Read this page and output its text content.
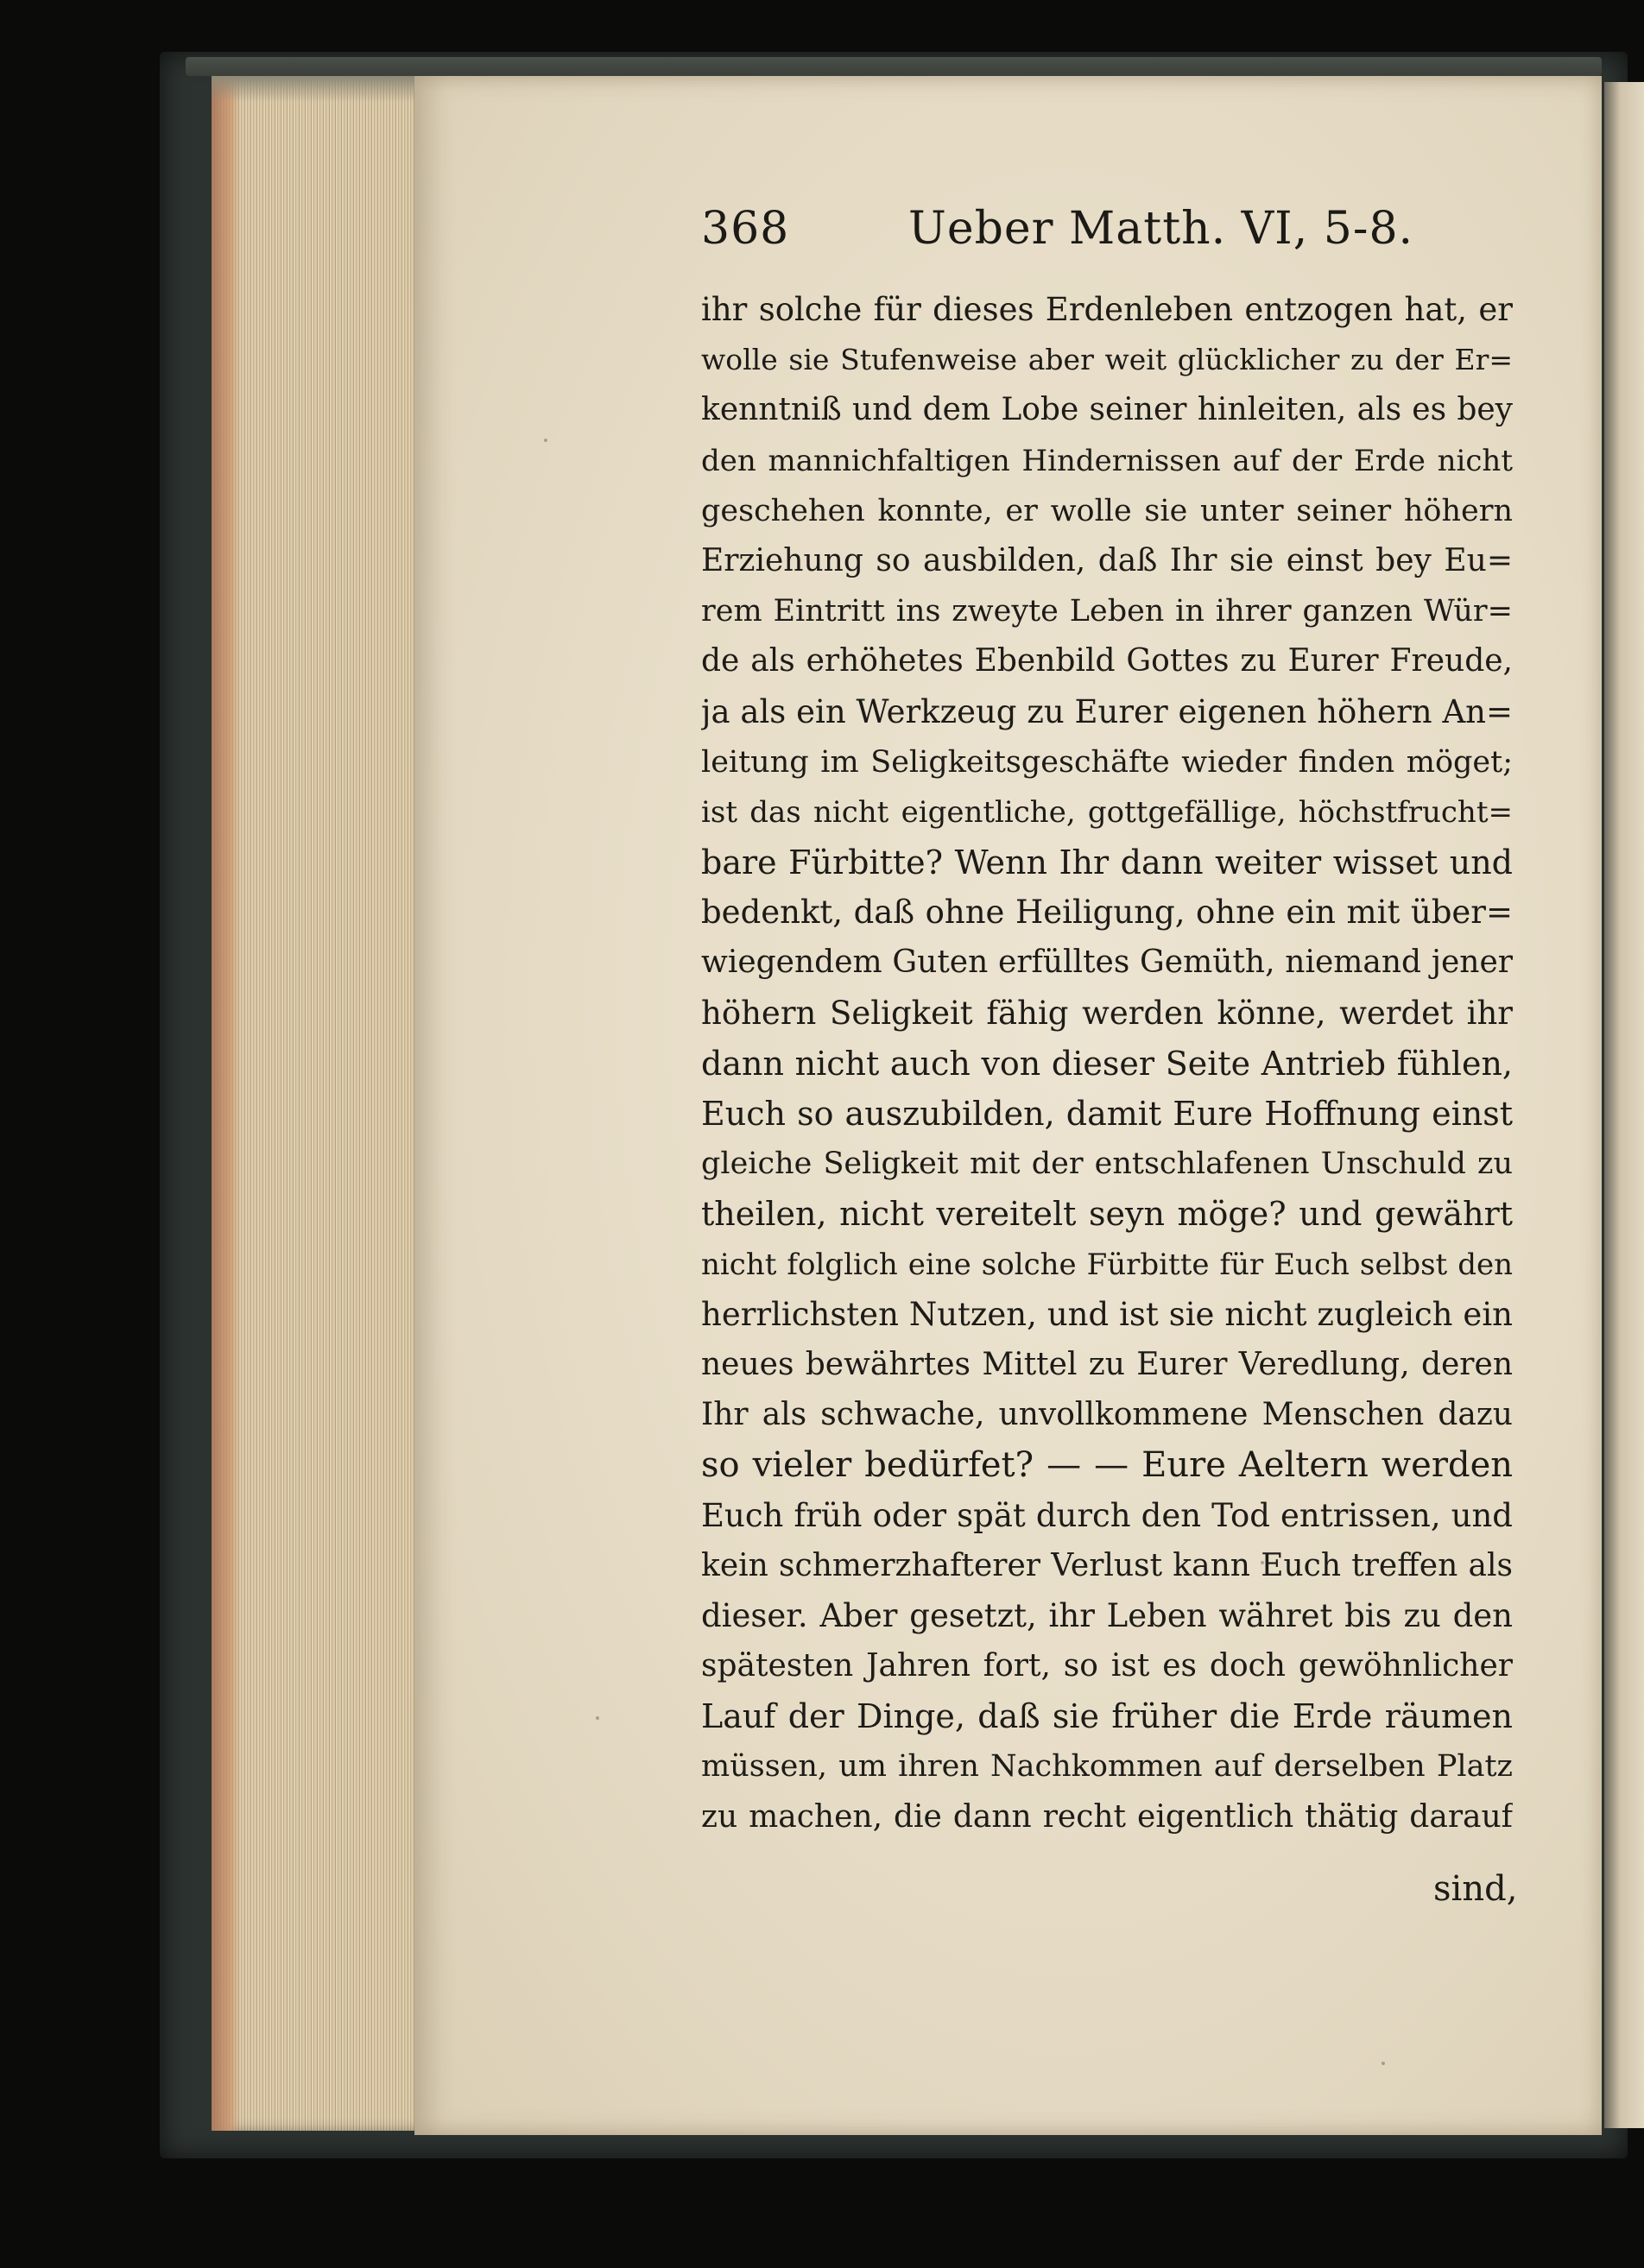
368	Ueber Matth. VI, 5-8.
ihr solche für dieses Erdenleben entzogen hat, er
wolle sie Stufenweise aber weit glücklicher zu der Er=
kenntniß und dem Lobe seiner hinleiten, als es bey
den mannichfaltigen Hindernissen auf der Erde nicht
geschehen konnte, er wolle sie unter seiner höhern
Erziehung so ausbilden, daß Ihr sie einst bey Eu=
rem Eintritt ins zweyte Leben in ihrer ganzen Wür=
de als erhöhetes Ebenbild Gottes zu Eurer Freude,
ja als ein Werkzeug zu Eurer eigenen höhern An=
leitung im Seligkeitsgeschäfte wieder finden möget;
ist das nicht eigentliche, gottgefällige, höchstfrucht=
bare Fürbitte? Wenn Ihr dann weiter wisset und
bedenkt, daß ohne Heiligung, ohne ein mit über=
wiegendem Guten erfülltes Gemüth, niemand jener
höhern Seligkeit fähig werden könne, werdet ihr
dann nicht auch von dieser Seite Antrieb fühlen,
Euch so auszubilden, damit Eure Hoffnung einst
gleiche Seligkeit mit der entschlafenen Unschuld zu
theilen, nicht vereitelt seyn möge? und gewährt
nicht folglich eine solche Fürbitte für Euch selbst den
herrlichsten Nutzen, und ist sie nicht zugleich ein
neues bewährtes Mittel zu Eurer Veredlung, deren
Ihr als schwache, unvollkommene Menschen dazu
so vieler bedürfet? — — Eure Aeltern werden
Euch früh oder spät durch den Tod entrissen, und
kein schmerzhafterer Verlust kann Euch treffen als
dieser. Aber gesetzt, ihr Leben währet bis zu den
spätesten Jahren fort, so ist es doch gewöhnlicher
Lauf der Dinge, daß sie früher die Erde räumen
müssen, um ihren Nachkommen auf derselben Platz
zu machen, die dann recht eigentlich thätig darauf
sind,
